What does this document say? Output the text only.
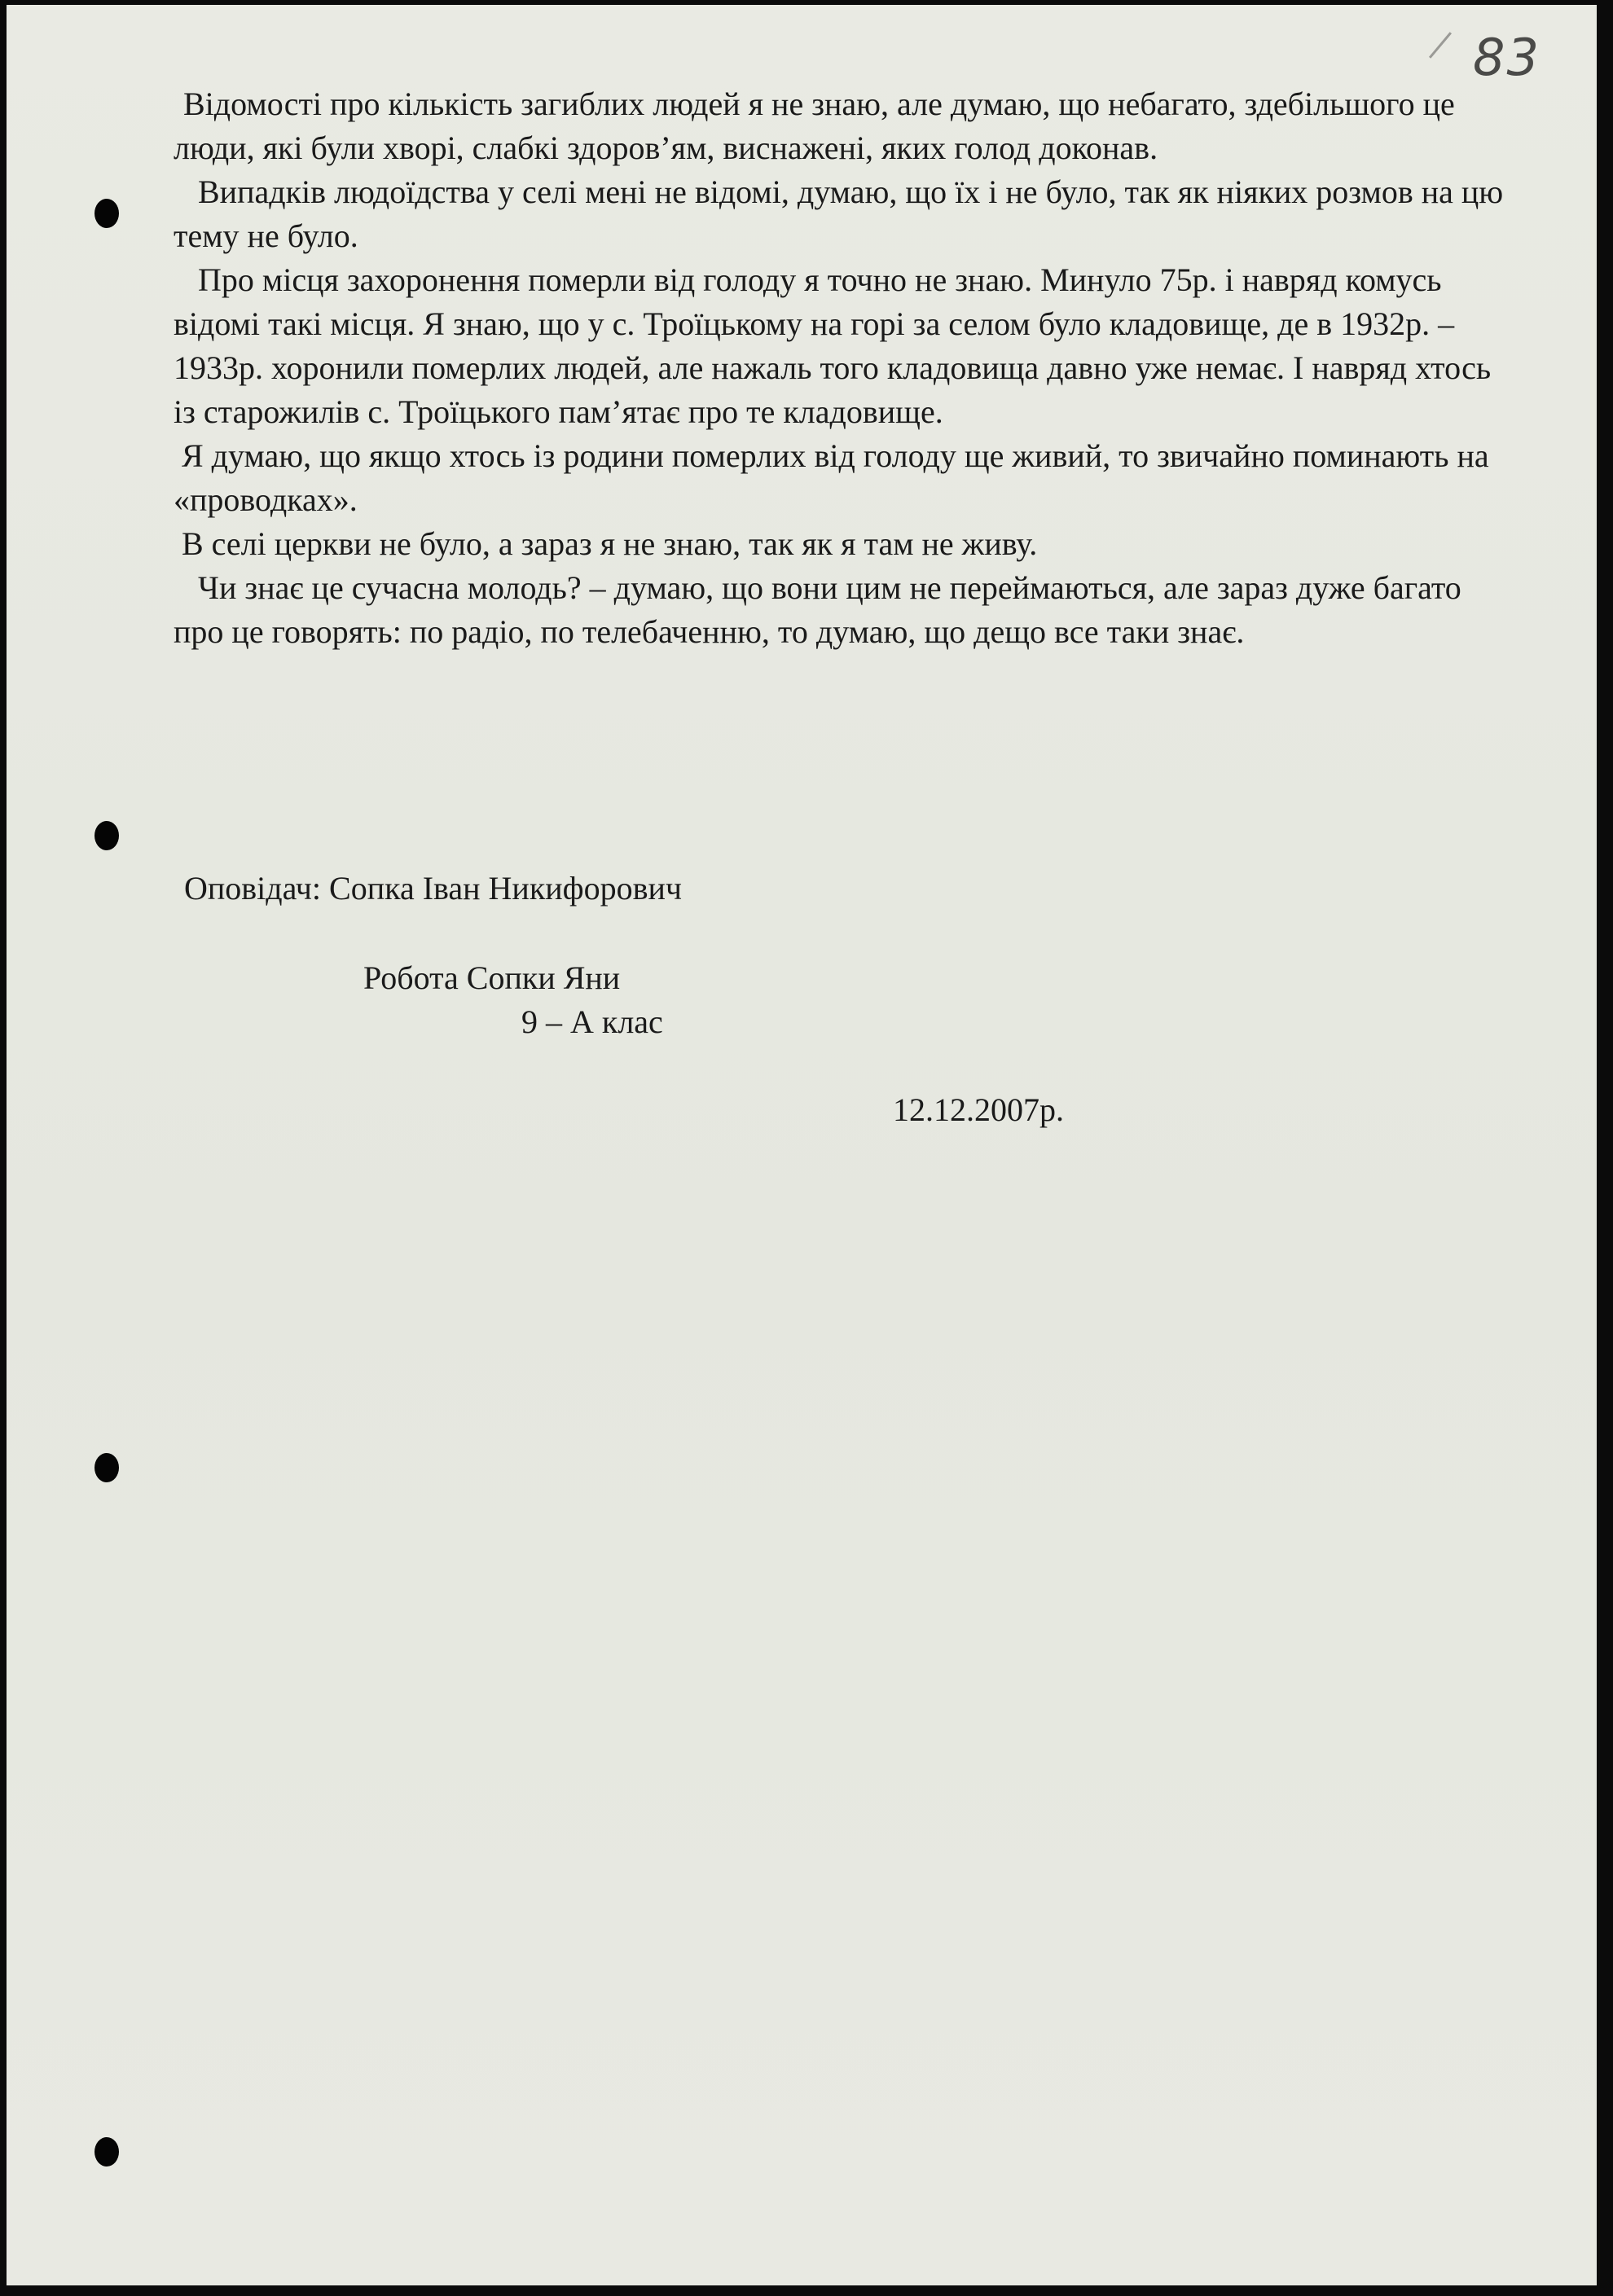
83

Відомості про кількість загиблих людей я не знаю, але думаю, що небагато, здебільшого це люди, які були хворі, слабкі здоров’ям, виснажені, яких голод доконав.

Випадків людоїдства у селі мені не відомі, думаю, що їх і не було, так як ніяких розмов на цю тему не було.

Про місця захоронення померли від голоду я точно не знаю. Минуло 75р. і навряд комусь відомі такі місця. Я знаю, що у с. Троїцькому на горі за селом було кладовище, де в 1932р. – 1933р. хоронили померлих людей, але нажаль того кладовища давно уже немає. І навряд хтось із старожилів с. Троїцького пам’ятає про те кладовище.

Я думаю, що якщо хтось із родини померлих від голоду ще живий, то звичайно поминають на «проводках».

В селі церкви не було, а зараз я не знаю, так як я там не живу.

Чи знає це сучасна молодь? – думаю, що вони цим не переймаються, але зараз дуже багато про це говорять: по радіо, по телебаченню, то думаю, що дещо все таки знає.

Оповідач: Сопка Іван Никифорович
Робота Сопки Яни
9 – А клас
12.12.2007р.
